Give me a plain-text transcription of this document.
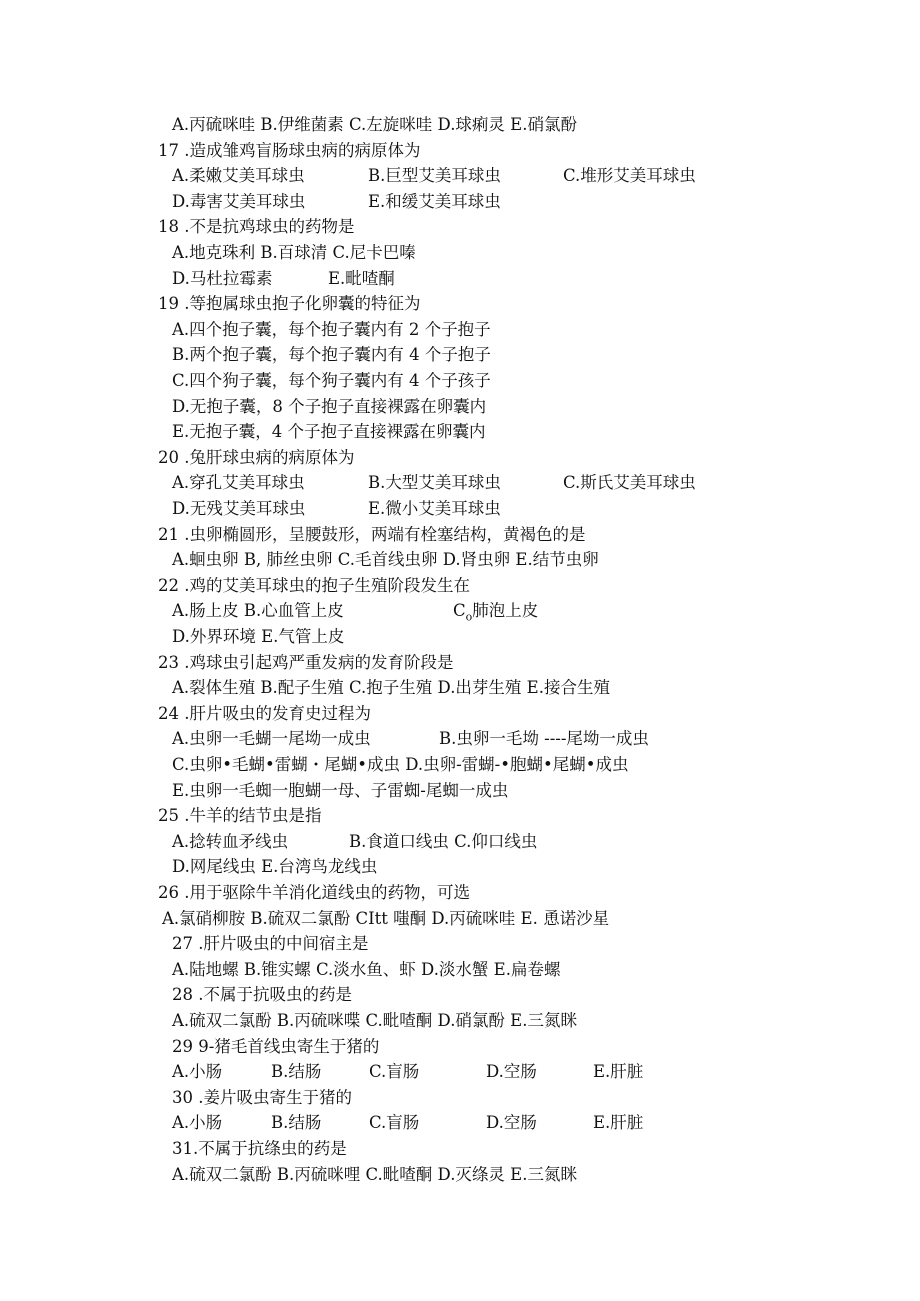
A.丙硫咪哇 B.伊维菌素 C.左旋咪哇 D.球痢灵 E.硝氯酚
17 .造成雏鸡盲肠球虫病的病原体为
A.柔嫩艾美耳球虫	B.巨型艾美耳球虫	C.堆形艾美耳球虫
D.毒害艾美耳球虫	E.和缓艾美耳球虫
18 .不是抗鸡球虫的药物是
A.地克珠利 B.百球清 C.尼卡巴嗪
D.马杜拉霉素	E.毗喳酮
19 .等抱属球虫抱子化卵囊的特征为
A.四个抱子囊，每个抱子囊内有 2 个子抱子
B.两个抱子囊，每个抱子囊内有 4 个子抱子
C.四个狗子囊，每个狗子囊内有 4 个子孩子
D.无抱子囊，8 个子抱子直接裸露在卵囊内
E.无抱子囊，4 个子抱子直接裸露在卵囊内
20 .兔肝球虫病的病原体为
A.穿孔艾美耳球虫	B.大型艾美耳球虫	C.斯氏艾美耳球虫
D.无残艾美耳球虫	E.微小艾美耳球虫
21 .虫卵椭圆形，呈腰鼓形，两端有栓塞结构，黄褐色的是
A.蛔虫卵 B, 肺丝虫卵 C.毛首线虫卵 D.肾虫卵 E.结节虫卵
22 .鸡的艾美耳球虫的抱子生殖阶段发生在
A.肠上皮 B.心血管上皮	$C_o$肺泡上皮
D.外界环境 E.气管上皮
23 .鸡球虫引起鸡严重发病的发育阶段是
A.裂体生殖 B.配子生殖 C.抱子生殖 D.出芽生殖 E.接合生殖
24 .肝片吸虫的发育史过程为
A.虫卵一毛蝴一尾坳一成虫	B.虫卵一毛坳 ----尾坳一成虫
C.虫卵•毛蝴•雷蝴・尾蝴•成虫 D.虫卵-雷蝴-•胞蝴•尾蝴•成虫
E.虫卵一毛蜘一胞蝴一母、子雷蜘-尾蜘一成虫
25 .牛羊的结节虫是指
A.捻转血矛线虫	B.食道口线虫 C.仰口线虫
D.网尾线虫 E.台湾鸟龙线虫
26 .用于驱除牛羊消化道线虫的药物，可选
A.氯硝柳胺 B.硫双二氯酚 CItt 嗤酮 D.丙硫咪哇 E. 恿诺沙星
27 .肝片吸虫的中间宿主是
A.陆地螺 B.锥实螺 C.淡水鱼、虾 D.淡水蟹 E.扁卷螺
28 .不属于抗吸虫的药是
A.硫双二氯酚 B.丙硫咪喋 C.毗喳酮 D.硝氯酚 E.三氮眯
29 9-猪毛首线虫寄生于猪的
A.小肠	B.结肠	C.盲肠	D.空肠	E.肝脏
30 .姜片吸虫寄生于猪的
A.小肠	B.结肠	C.盲肠	D.空肠	E.肝脏
31.不属于抗绦虫的药是
A.硫双二氯酚 B.丙硫咪哩 C.毗喳酮 D.灭绦灵 E.三氮眯
